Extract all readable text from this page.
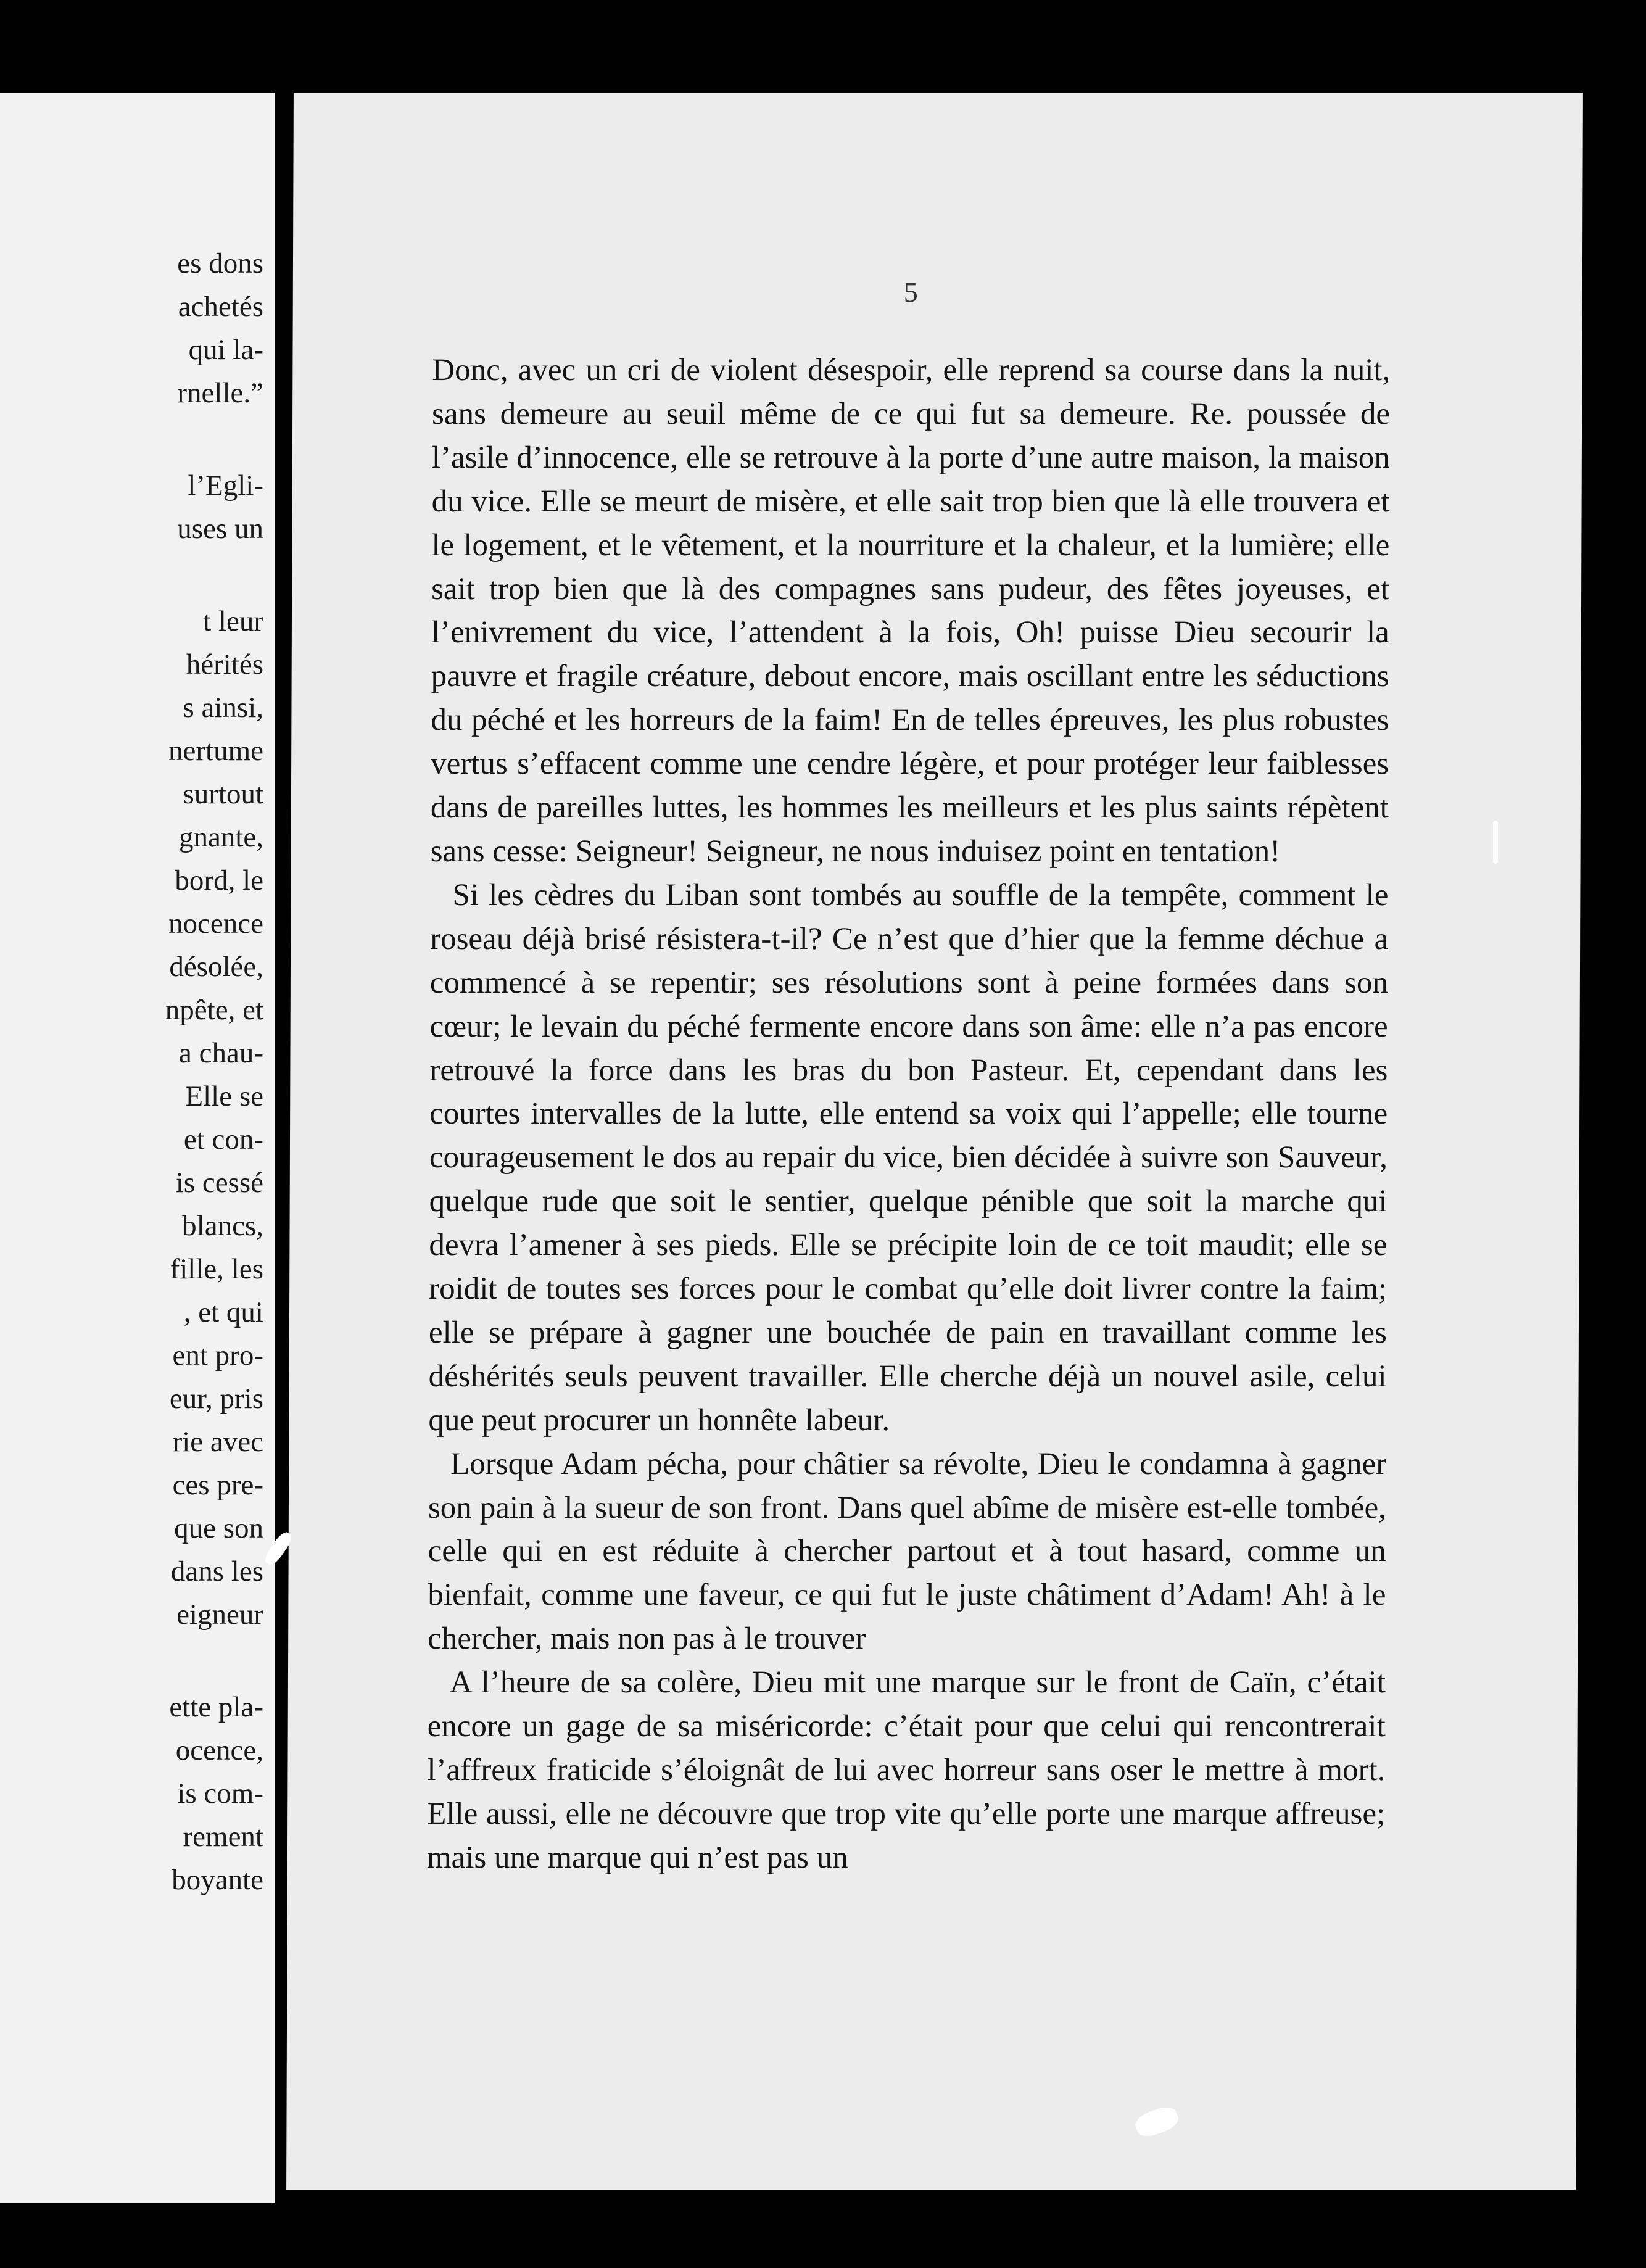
es dons
achetés
qui la-
rnelle.”
l’Egli-
uses un
t leur
hérités
s ainsi,
nertume
surtout
gnante,
bord, le
nocence
désolée,
npête, et
a chau-
Elle se
et con-
is cessé
blancs,
fille, les
, et qui
ent pro-
eur, pris
rie avec
ces pre-
que son
dans les
eigneur
ette pla-
ocence,
is com-
rement
boyante
5

Donc, avec un cri de violent désespoir, elle reprend sa course dans la nuit, sans demeure au seuil même de ce qui fut sa demeure. Re. poussée de l’asile d’innocence, elle se retrouve à la porte d’une autre maison, la maison du vice. Elle se meurt de misère, et elle sait trop bien que là elle trouvera et le logement, et le vêtement, et la nourriture et la chaleur, et la lumière; elle sait trop bien que là des compagnes sans pudeur, des fêtes joyeuses, et l’enivrement du vice, l’attendent à la fois, Oh! puisse Dieu secourir la pauvre et fragile créature, debout encore, mais oscillant entre les séductions du péché et les horreurs de la faim! En de telles épreuves, les plus robustes vertus s’effacent comme une cendre légère, et pour protéger leur faiblesses dans de pareilles luttes, les hommes les meilleurs et les plus saints répètent sans cesse: Seigneur! Seigneur, ne nous induisez point en tentation!

Si les cèdres du Liban sont tombés au souffle de la tempête, comment le roseau déjà brisé résistera-t-il? Ce n’est que d’hier que la femme déchue a commencé à se repentir; ses résolutions sont à peine formées dans son cœur; le levain du péché fermente encore dans son âme: elle n’a pas encore retrouvé la force dans les bras du bon Pasteur. Et, cependant dans les courtes intervalles de la lutte, elle entend sa voix qui l’appelle; elle tourne courageusement le dos au repair du vice, bien décidée à suivre son Sauveur, quelque rude que soit le sentier, quelque pénible que soit la marche qui devra l’amener à ses pieds. Elle se précipite loin de ce toit maudit; elle se roidit de toutes ses forces pour le combat qu’elle doit livrer contre la faim; elle se prépare à gagner une bouchée de pain en travaillant comme les déshérités seuls peuvent travailler. Elle cherche déjà un nouvel asile, celui que peut procurer un honnête labeur.

Lorsque Adam pécha, pour châtier sa révolte, Dieu le condamna à gagner son pain à la sueur de son front. Dans quel abîme de misère est-elle tombée, celle qui en est réduite à chercher partout et à tout hasard, comme un bienfait, comme une faveur, ce qui fut le juste châtiment d’Adam! Ah! à le chercher, mais non pas à le trouver

A l’heure de sa colère, Dieu mit une marque sur le front de Caïn, c’était encore un gage de sa miséricorde: c’était pour que celui qui rencontrerait l’affreux fraticide s’éloignât de lui avec horreur sans oser le mettre à mort. Elle aussi, elle ne découvre que trop vite qu’elle porte une marque affreuse; mais une marque qui n’est pas un
